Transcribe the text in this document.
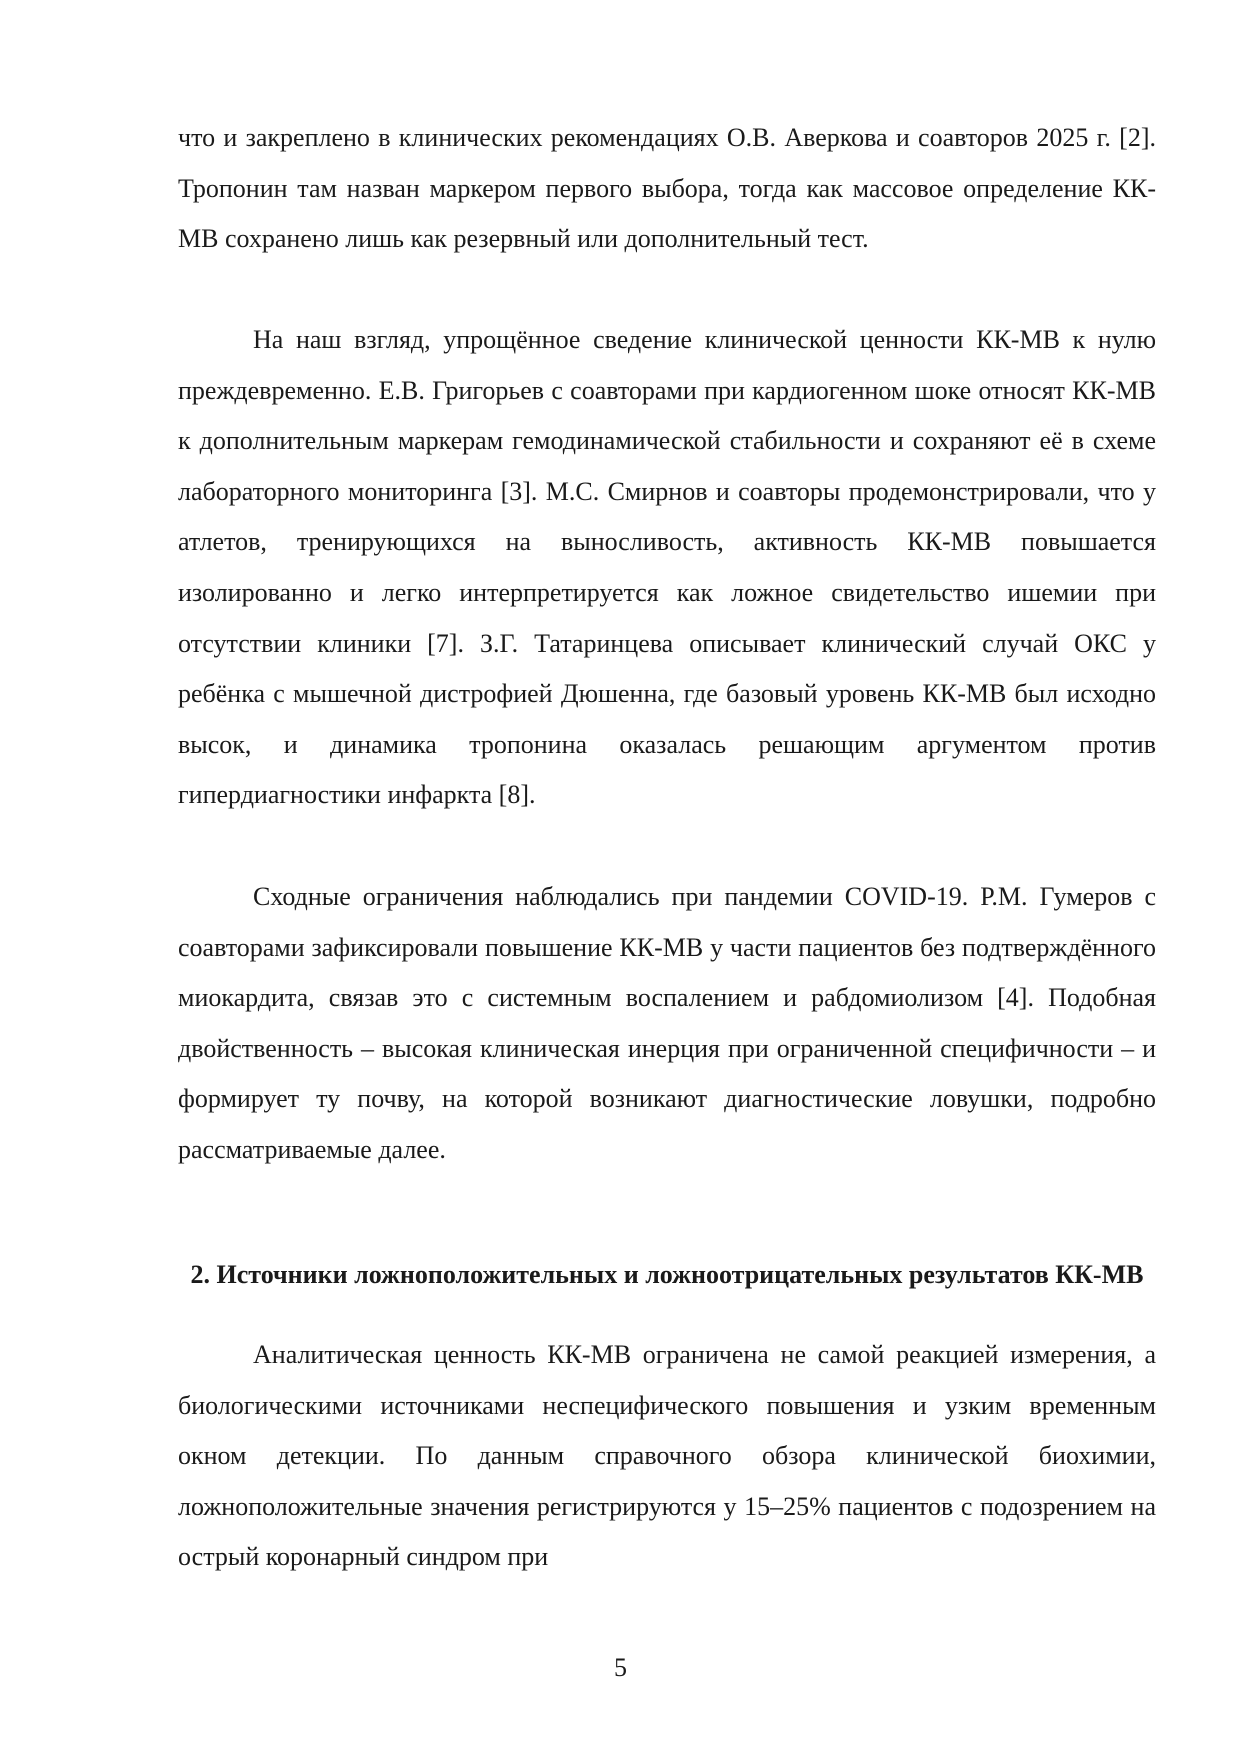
что и закреплено в клинических рекомендациях О.В. Аверкова и соавторов 2025 г. [2]. Тропонин там назван маркером первого выбора, тогда как массовое определение КК-МВ сохранено лишь как резервный или дополнительный тест.

На наш взгляд, упрощённое сведение клинической ценности КК-МВ к нулю преждевременно. Е.В. Григорьев с соавторами при кардиогенном шоке относят КК-МВ к дополнительным маркерам гемодинамической стабильности и сохраняют её в схеме лабораторного мониторинга [3]. М.С. Смирнов и соавторы продемонстрировали, что у атлетов, тренирующихся на выносливость, активность КК-МВ повышается изолированно и легко интерпретируется как ложное свидетельство ишемии при отсутствии клиники [7]. З.Г. Татаринцева описывает клинический случай ОКС у ребёнка с мышечной дистрофией Дюшенна, где базовый уровень КК-МВ был исходно высок, и динамика тропонина оказалась решающим аргументом против гипердиагностики инфаркта [8].

Сходные ограничения наблюдались при пандемии COVID-19. Р.М. Гумеров с соавторами зафиксировали повышение КК-МВ у части пациентов без подтверждённого миокардита, связав это с системным воспалением и рабдомиолизом [4]. Подобная двойственность – высокая клиническая инерция при ограниченной специфичности – и формирует ту почву, на которой возникают диагностические ловушки, подробно рассматриваемые далее.

2. Источники ложноположительных и ложноотрицательных результатов КК-МВ

Аналитическая ценность КК-МВ ограничена не самой реакцией измерения, а биологическими источниками неспецифического повышения и узким временным окном детекции. По данным справочного обзора клинической биохимии, ложноположительные значения регистрируются у 15–25% пациентов с подозрением на острый коронарный синдром при

5
